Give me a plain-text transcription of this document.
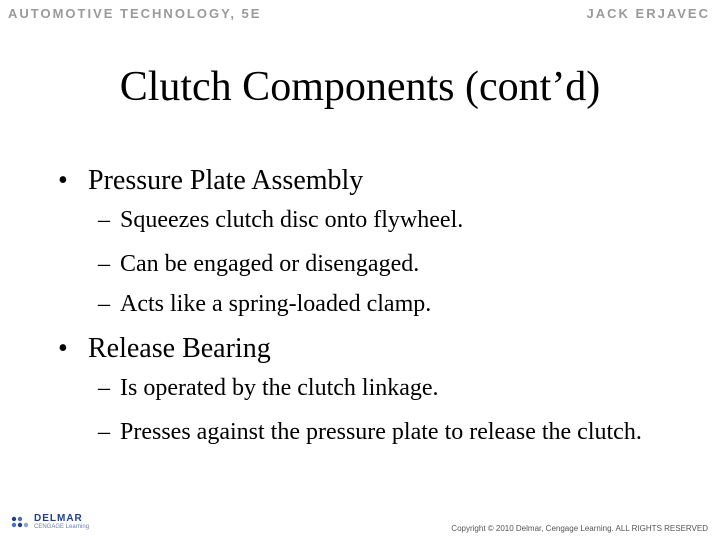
AUTOMOTIVE TECHNOLOGY, 5E	JACK ERJAVEC
Clutch Components (cont’d)
• Pressure Plate Assembly
– Squeezes clutch disc onto flywheel.
– Can be engaged or disengaged.
– Acts like a spring-loaded clamp.
• Release Bearing
– Is operated by the clutch linkage.
– Presses against the pressure plate to release the clutch.
DELMAR
CENGAGE Learning	Copyright © 2010 Delmar, Cengage Learning. ALL RIGHTS RESERVED
